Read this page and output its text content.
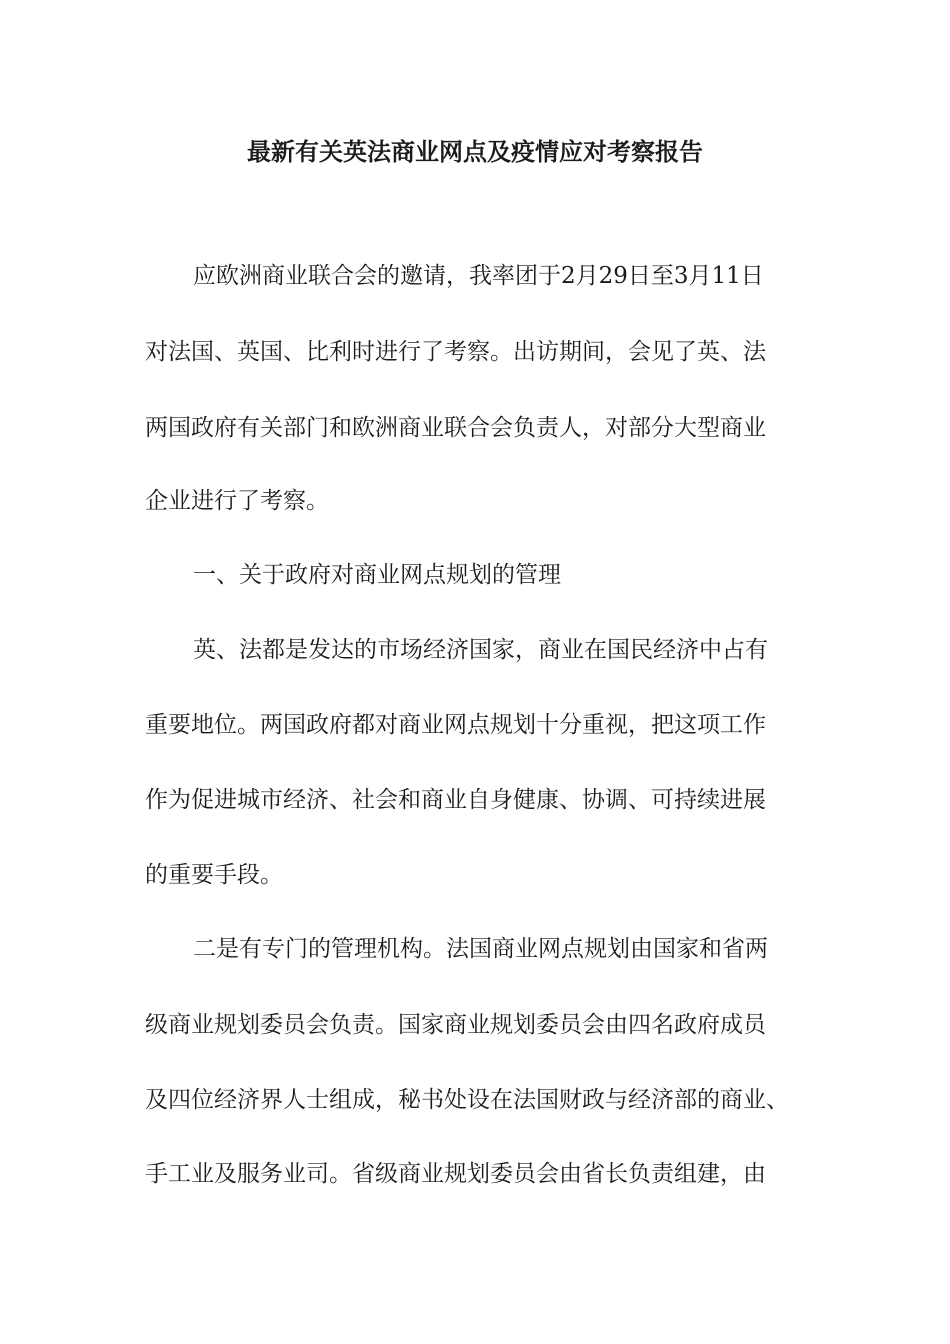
最新有关英法商业网点及疫情应对考察报告
应欧洲商业联合会的邀请，我率团于2月29日至3月11日
对法国、英国、比利时进行了考察。出访期间，会见了英、法
两国政府有关部门和欧洲商业联合会负责人，对部分大型商业
企业进行了考察。
一、关于政府对商业网点规划的管理
英、法都是发达的市场经济国家，商业在国民经济中占有
重要地位。两国政府都对商业网点规划十分重视，把这项工作
作为促进城市经济、社会和商业自身健康、协调、可持续进展
的重要手段。
二是有专门的管理机构。法国商业网点规划由国家和省两
级商业规划委员会负责。国家商业规划委员会由四名政府成员
及四位经济界人士组成，秘书处设在法国财政与经济部的商业、
手工业及服务业司。省级商业规划委员会由省长负责组建，由
